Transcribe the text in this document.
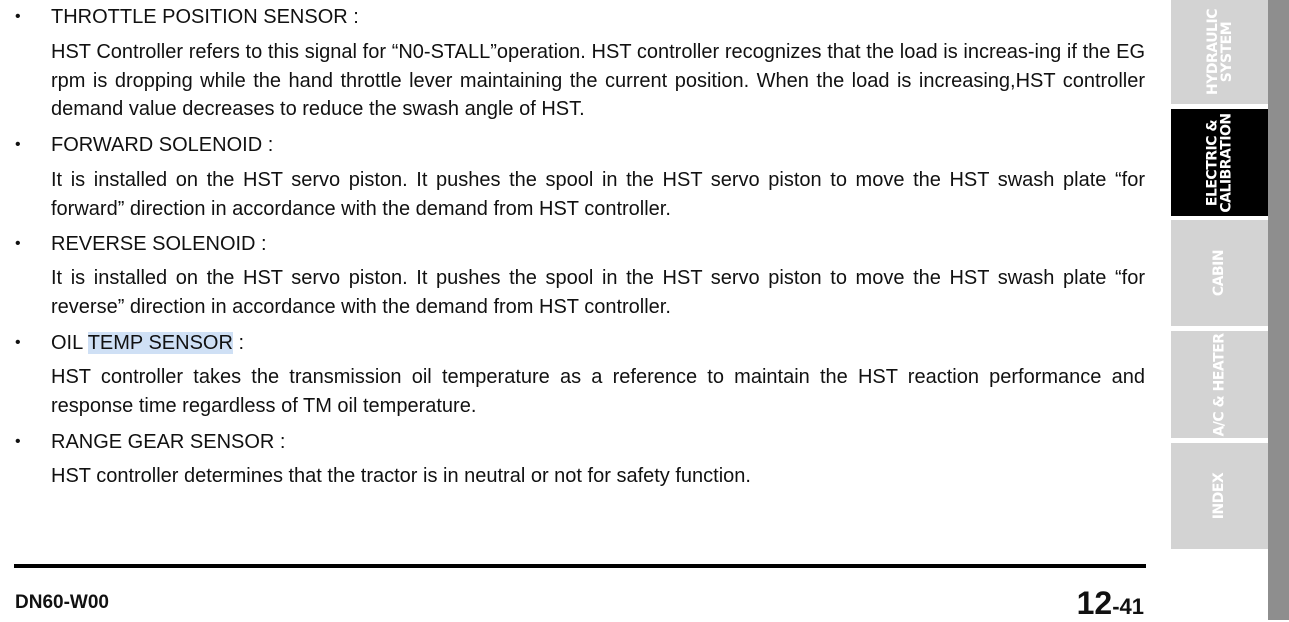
• THROTTLE POSITION SENSOR :
HST Controller refers to this signal for “N0-STALL”operation. HST controller recognizes that the load is increas-ing if the EG rpm is dropping while the hand throttle lever maintaining the current position. When the load is increasing,HST controller demand value decreases to reduce the swash angle of HST.
• FORWARD SOLENOID :
It is installed on the HST servo piston. It pushes the spool in the HST servo piston to move the HST swash plate “for forward” direction in accordance with the demand from HST controller.
• REVERSE SOLENOID :
It is installed on the HST servo piston. It pushes the spool in the HST servo piston to move the HST swash plate “for reverse” direction in accordance with the demand from HST controller.
• OIL TEMP SENSOR :
HST controller takes the transmission oil temperature as a reference to maintain the HST reaction performance and response time regardless of TM oil temperature.
• RANGE GEAR SENSOR :
HST controller determines that the tractor is in neutral or not for safety function.
DN60-W00	12-41
HYDRAULIC
SYSTEM
ELECTRIC &
CALIBRATION
CABIN
A/C & HEATER
INDEX
